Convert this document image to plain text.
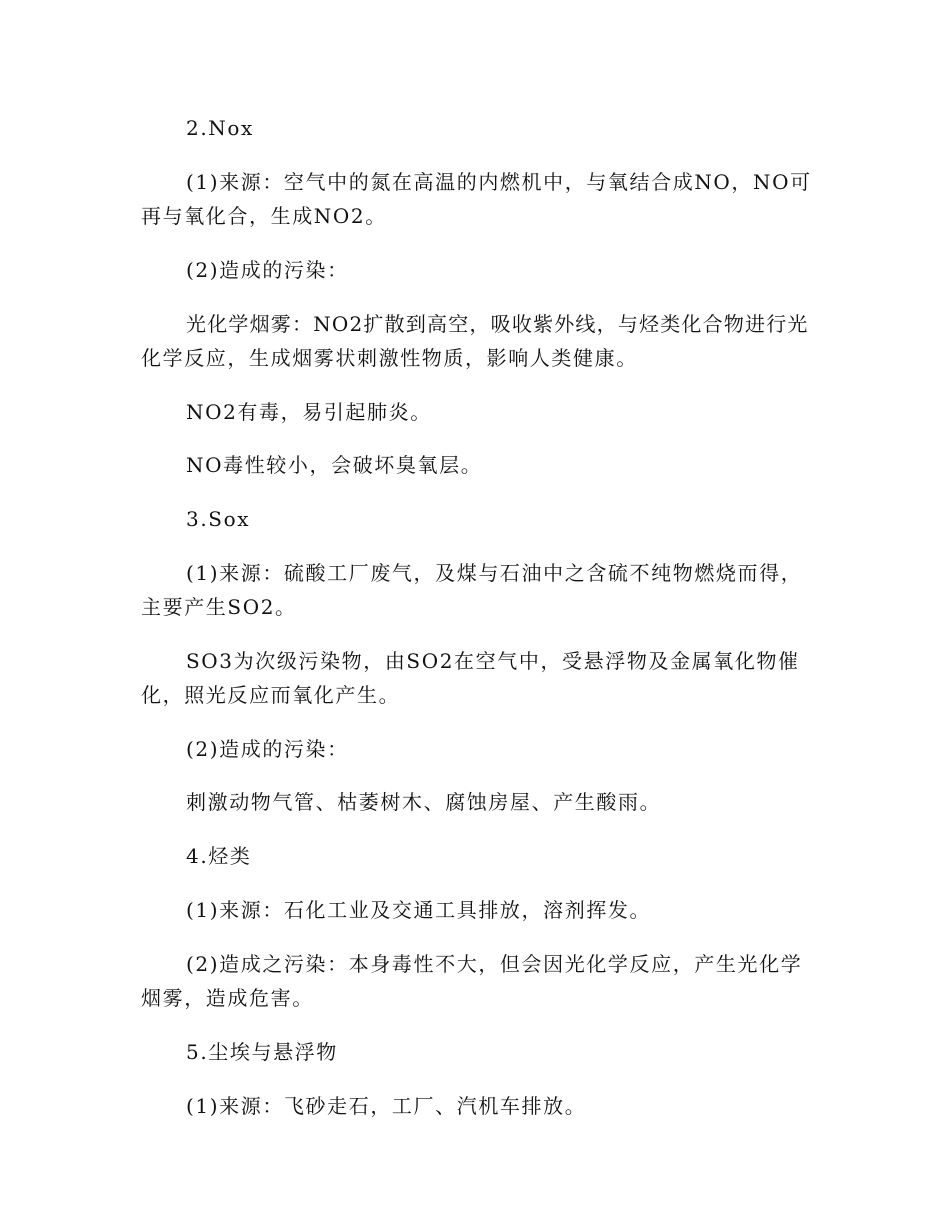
2.Nox
(1)来源：空气中的氮在高温的内燃机中，与氧结合成NO，NO可
再与氧化合，生成NO2。
(2)造成的污染：
光化学烟雾：NO2扩散到高空，吸收紫外线，与烃类化合物进行光
化学反应，生成烟雾状刺激性物质，影响人类健康。
NO2有毒，易引起肺炎。
NO毒性较小，会破坏臭氧层。
3.Sox
(1)来源：硫酸工厂废气，及煤与石油中之含硫不纯物燃烧而得，
主要产生SO2。
SO3为次级污染物，由SO2在空气中，受悬浮物及金属氧化物催
化，照光反应而氧化产生。
(2)造成的污染：
刺激动物气管、枯萎树木、腐蚀房屋、产生酸雨。
4.烃类
(1)来源：石化工业及交通工具排放，溶剂挥发。
(2)造成之污染：本身毒性不大，但会因光化学反应，产生光化学
烟雾，造成危害。
5.尘埃与悬浮物
(1)来源：飞砂走石，工厂、汽机车排放。
